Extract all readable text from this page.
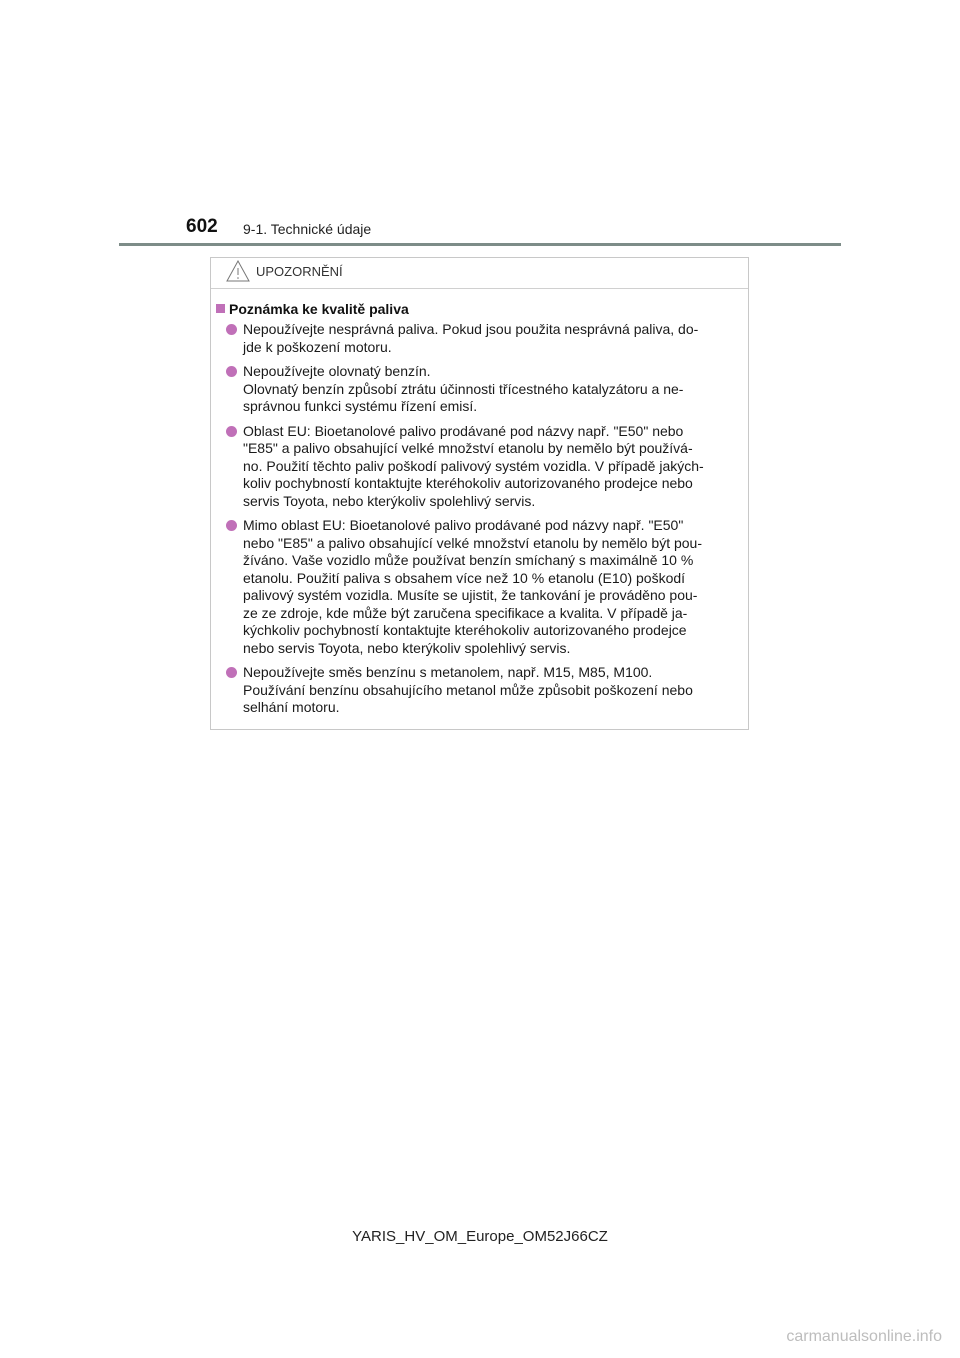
602 9-1. Technické údaje
UPOZORNĚNÍ
Poznámka ke kvalitě paliva
Nepoužívejte nesprávná paliva. Pokud jsou použita nesprávná paliva, do-
jde k poškození motoru.
Nepoužívejte olovnatý benzín.
Olovnatý benzín způsobí ztrátu účinnosti třícestného katalyzátoru a ne-
správnou funkci systému řízení emisí.
Oblast EU: Bioetanolové palivo prodávané pod názvy např. "E50" nebo
"E85" a palivo obsahující velké množství etanolu by nemělo být používá-
no. Použití těchto paliv poškodí palivový systém vozidla. V případě jakých-
koliv pochybností kontaktujte kteréhokoliv autorizovaného prodejce nebo
servis Toyota, nebo kterýkoliv spolehlivý servis.
Mimo oblast EU: Bioetanolové palivo prodávané pod názvy např. "E50"
nebo "E85" a palivo obsahující velké množství etanolu by nemělo být pou-
žíváno. Vaše vozidlo může používat benzín smíchaný s maximálně 10 %
etanolu. Použití paliva s obsahem více než 10 % etanolu (E10) poškodí
palivový systém vozidla. Musíte se ujistit, že tankování je prováděno pou-
ze ze zdroje, kde může být zaručena specifikace a kvalita. V případě ja-
kýchkoliv pochybností kontaktujte kteréhokoliv autorizovaného prodejce
nebo servis Toyota, nebo kterýkoliv spolehlivý servis.
Nepoužívejte směs benzínu s metanolem, např. M15, M85, M100.
Používání benzínu obsahujícího metanol může způsobit poškození nebo
selhání motoru.
YARIS_HV_OM_Europe_OM52J66CZ
carmanualsonline.info
